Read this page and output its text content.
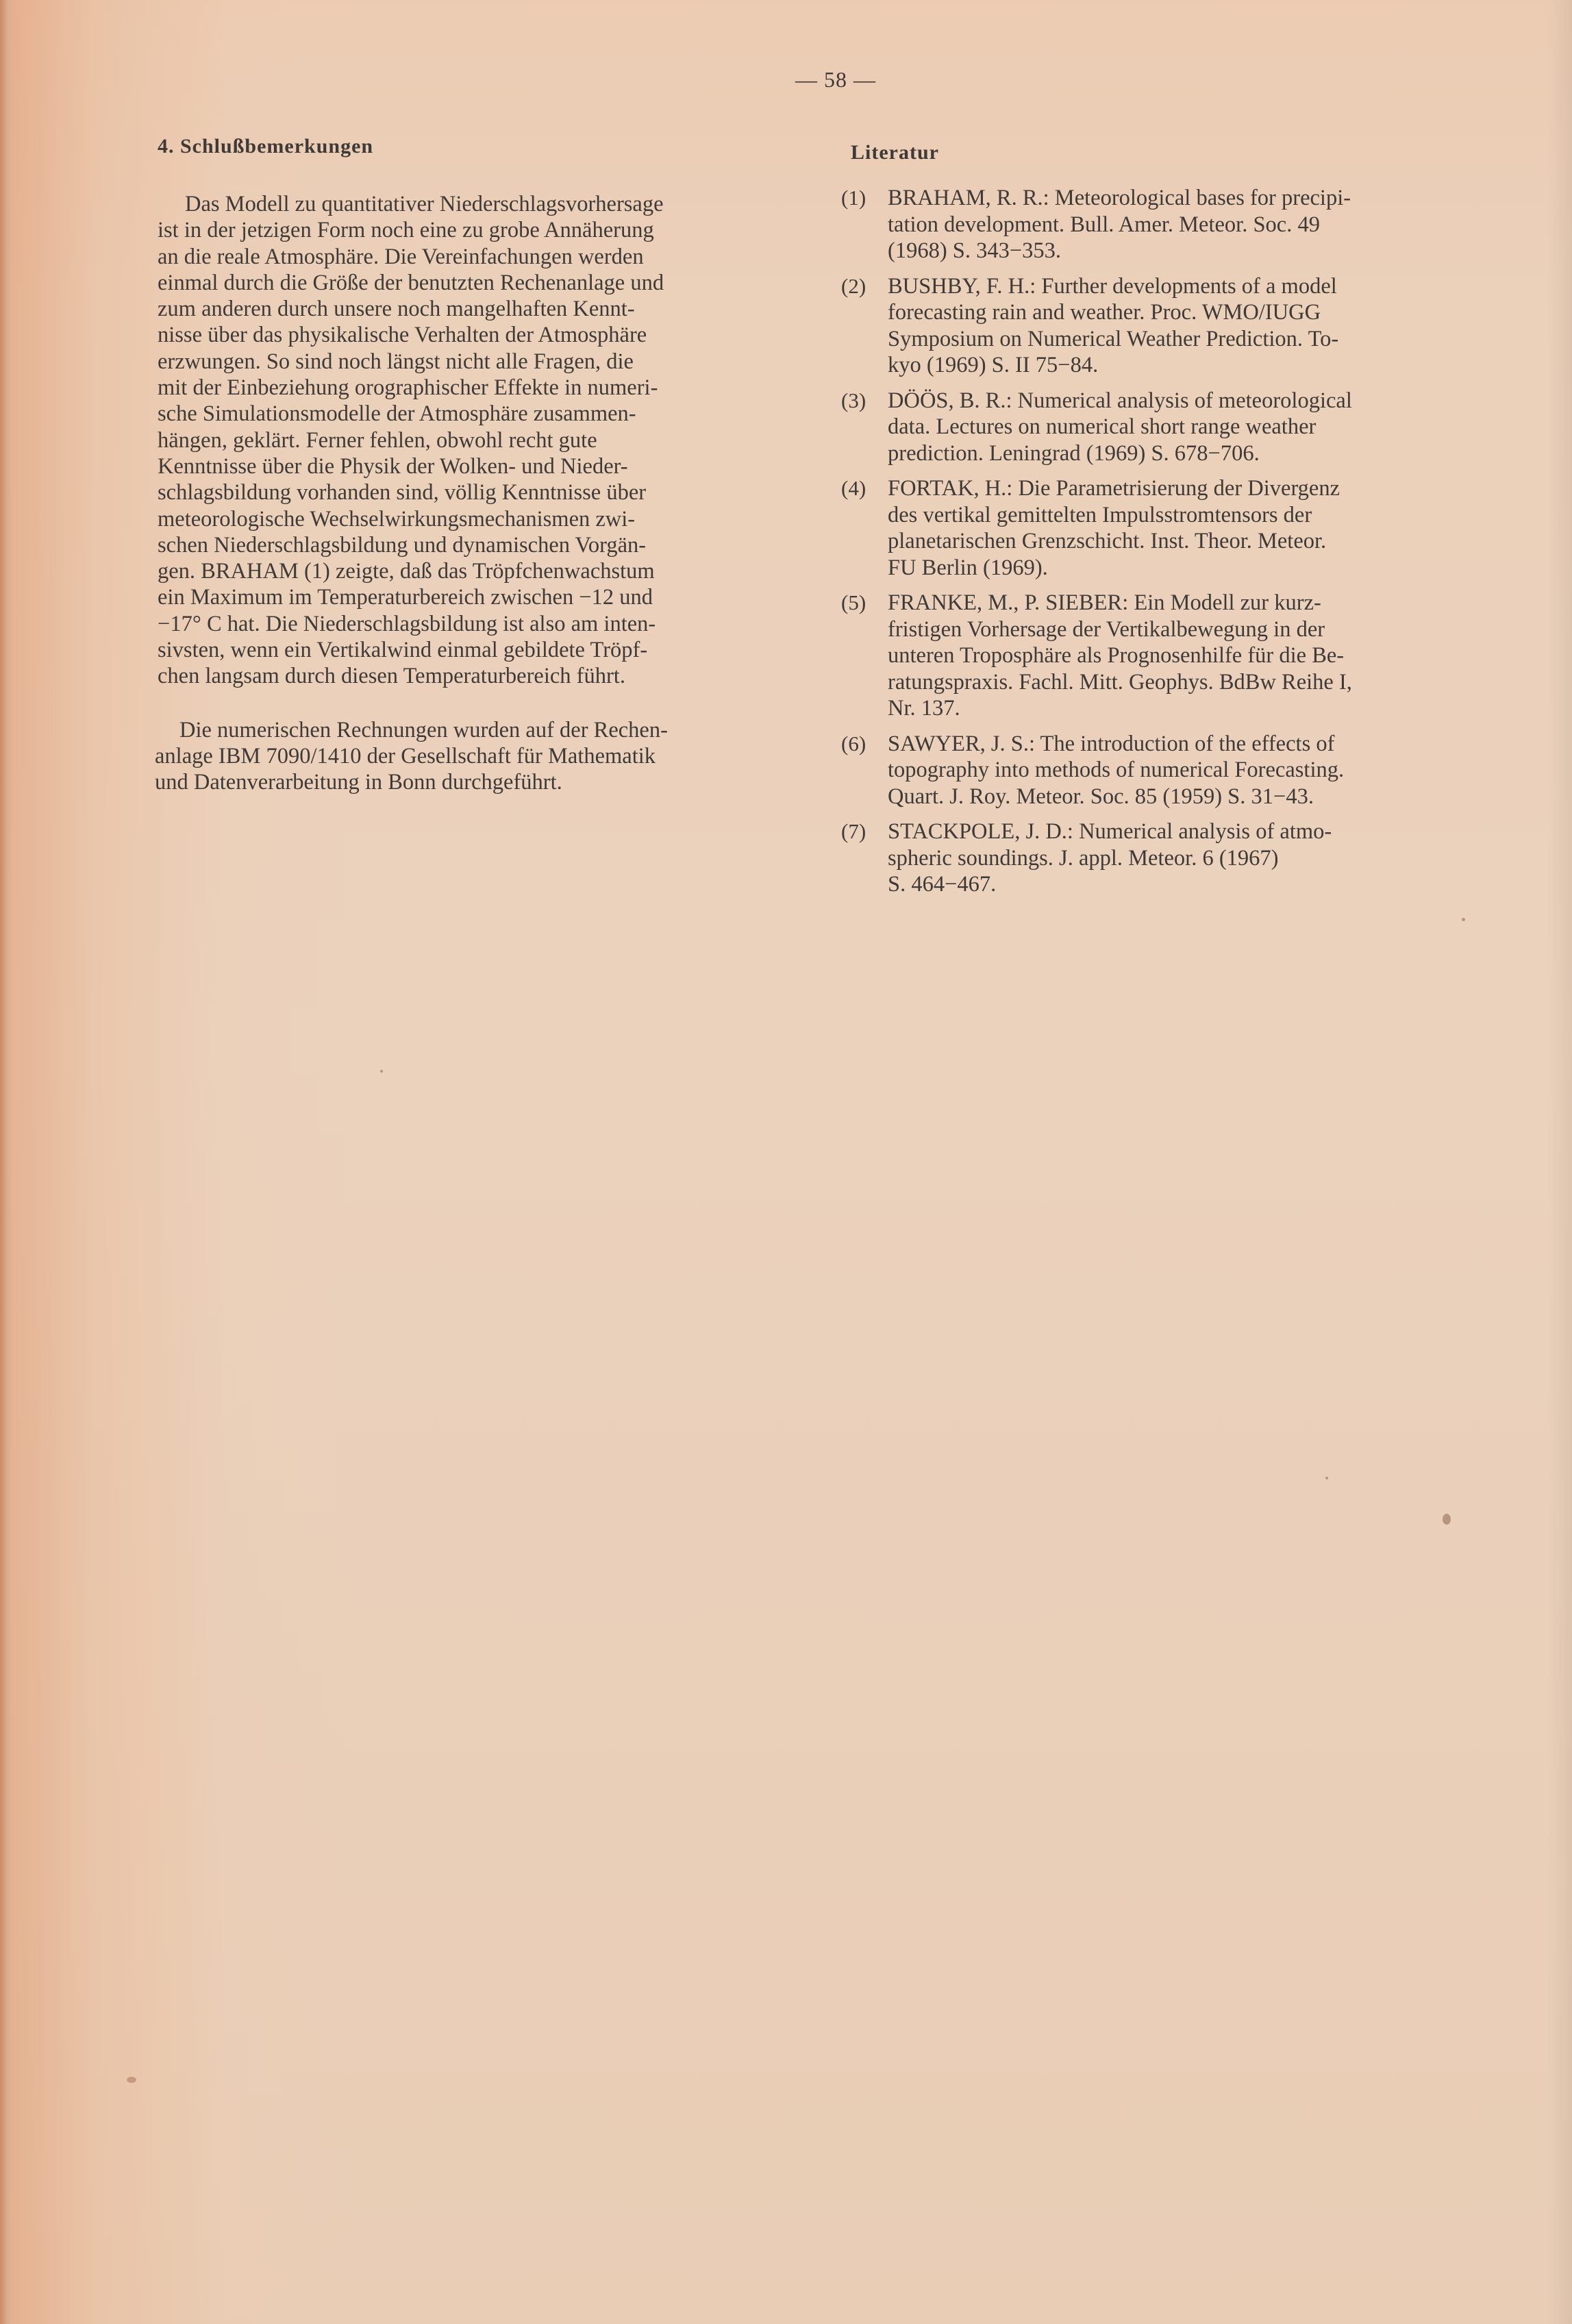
— 58 —
4. Schlußbemerkungen
Das Modell zu quantitativer Niederschlagsvorhersage
ist in der jetzigen Form noch eine zu grobe Annäherung
an die reale Atmosphäre. Die Vereinfachungen werden
einmal durch die Größe der benutzten Rechenanlage und
zum anderen durch unsere noch mangelhaften Kennt-
nisse über das physikalische Verhalten der Atmosphäre
erzwungen. So sind noch längst nicht alle Fragen, die
mit der Einbeziehung orographischer Effekte in numeri-
sche Simulationsmodelle der Atmosphäre zusammen-
hängen, geklärt. Ferner fehlen, obwohl recht gute
Kenntnisse über die Physik der Wolken- und Nieder-
schlagsbildung vorhanden sind, völlig Kenntnisse über
meteorologische Wechselwirkungsmechanismen zwi-
schen Niederschlagsbildung und dynamischen Vorgän-
gen. BRAHAM (1) zeigte, daß das Tröpfchenwachstum
ein Maximum im Temperaturbereich zwischen −12 und
−17° C hat. Die Niederschlagsbildung ist also am inten-
sivsten, wenn ein Vertikalwind einmal gebildete Tröpf-
chen langsam durch diesen Temperaturbereich führt.
Die numerischen Rechnungen wurden auf der Rechen-
anlage IBM 7090/1410 der Gesellschaft für Mathematik
und Datenverarbeitung in Bonn durchgeführt.
Literatur
(1) BRAHAM, R. R.: Meteorological bases for precipi-
tation development. Bull. Amer. Meteor. Soc. 49
(1968) S. 343−353.
(2) BUSHBY, F. H.: Further developments of a model
forecasting rain and weather. Proc. WMO/IUGG
Symposium on Numerical Weather Prediction. To-
kyo (1969) S. II 75−84.
(3) DÖÖS, B. R.: Numerical analysis of meteorological
data. Lectures on numerical short range weather
prediction. Leningrad (1969) S. 678−706.
(4) FORTAK, H.: Die Parametrisierung der Divergenz
des vertikal gemittelten Impulsstromtensors der
planetarischen Grenzschicht. Inst. Theor. Meteor.
FU Berlin (1969).
(5) FRANKE, M., P. SIEBER: Ein Modell zur kurz-
fristigen Vorhersage der Vertikalbewegung in der
unteren Troposphäre als Prognosenhilfe für die Be-
ratungspraxis. Fachl. Mitt. Geophys. BdBw Reihe I,
Nr. 137.
(6) SAWYER, J. S.: The introduction of the effects of
topography into methods of numerical Forecasting.
Quart. J. Roy. Meteor. Soc. 85 (1959) S. 31−43.
(7) STACKPOLE, J. D.: Numerical analysis of atmo-
spheric soundings. J. appl. Meteor. 6 (1967)
S. 464−467.
